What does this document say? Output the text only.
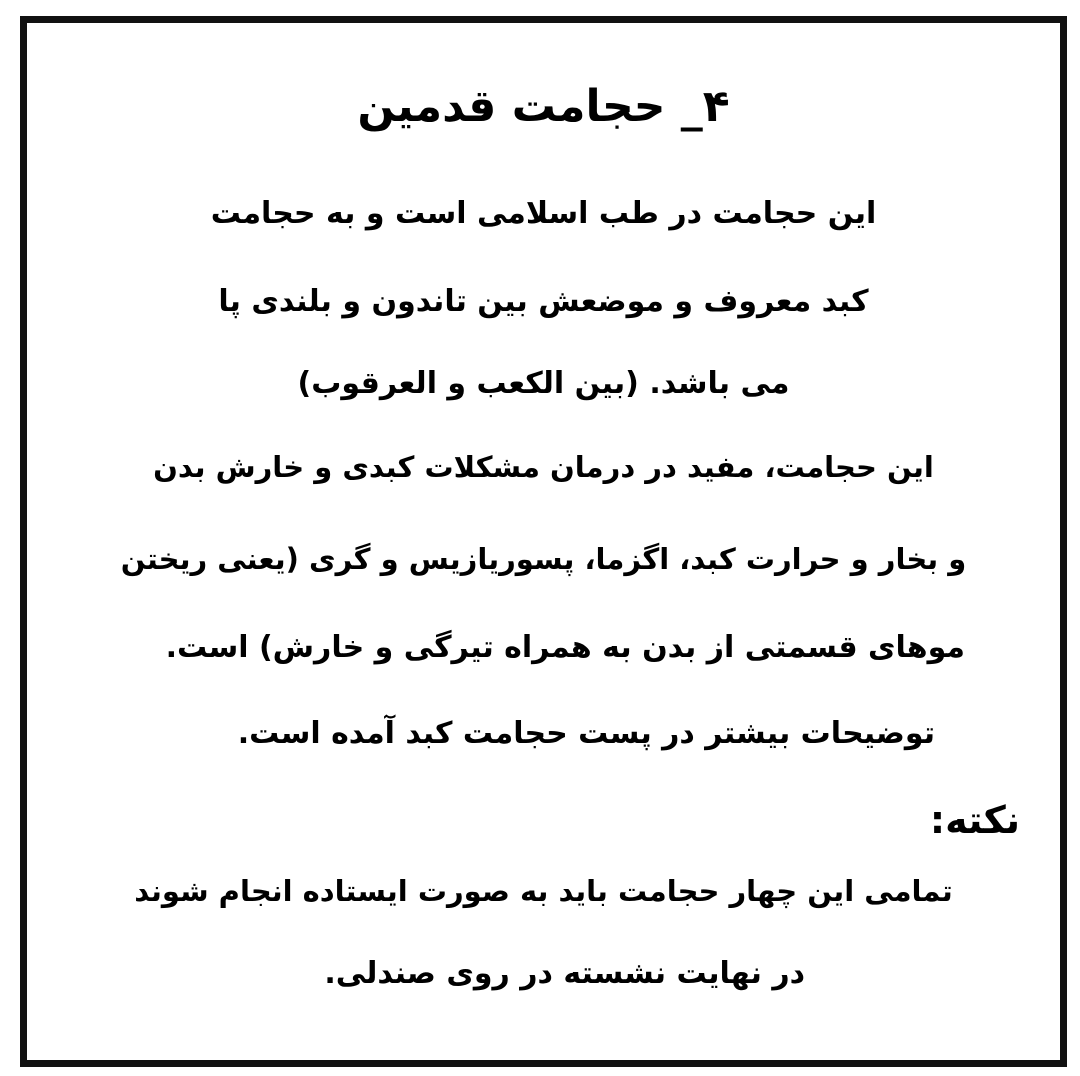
۴_ حجامت قدمین
این حجامت در طب اسلامی است و به حجامت
کبد معروف و موضعش بین تاندون و بلندی پا
می باشد. (بین الکعب و العرقوب)
این حجامت، مفید در درمان مشکلات کبدی و خارش بدن
و بخار و حرارت کبد، اگزما، پسوریازیس و گری (یعنی ریختن
موهای قسمتی از بدن به همراه تیرگی و خارش) است.
توضیحات بیشتر در پست حجامت کبد آمده است.
نکته:
تمامی این چهار حجامت باید به صورت ایستاده انجام شوند
در نهایت نشسته در روی صندلی.
